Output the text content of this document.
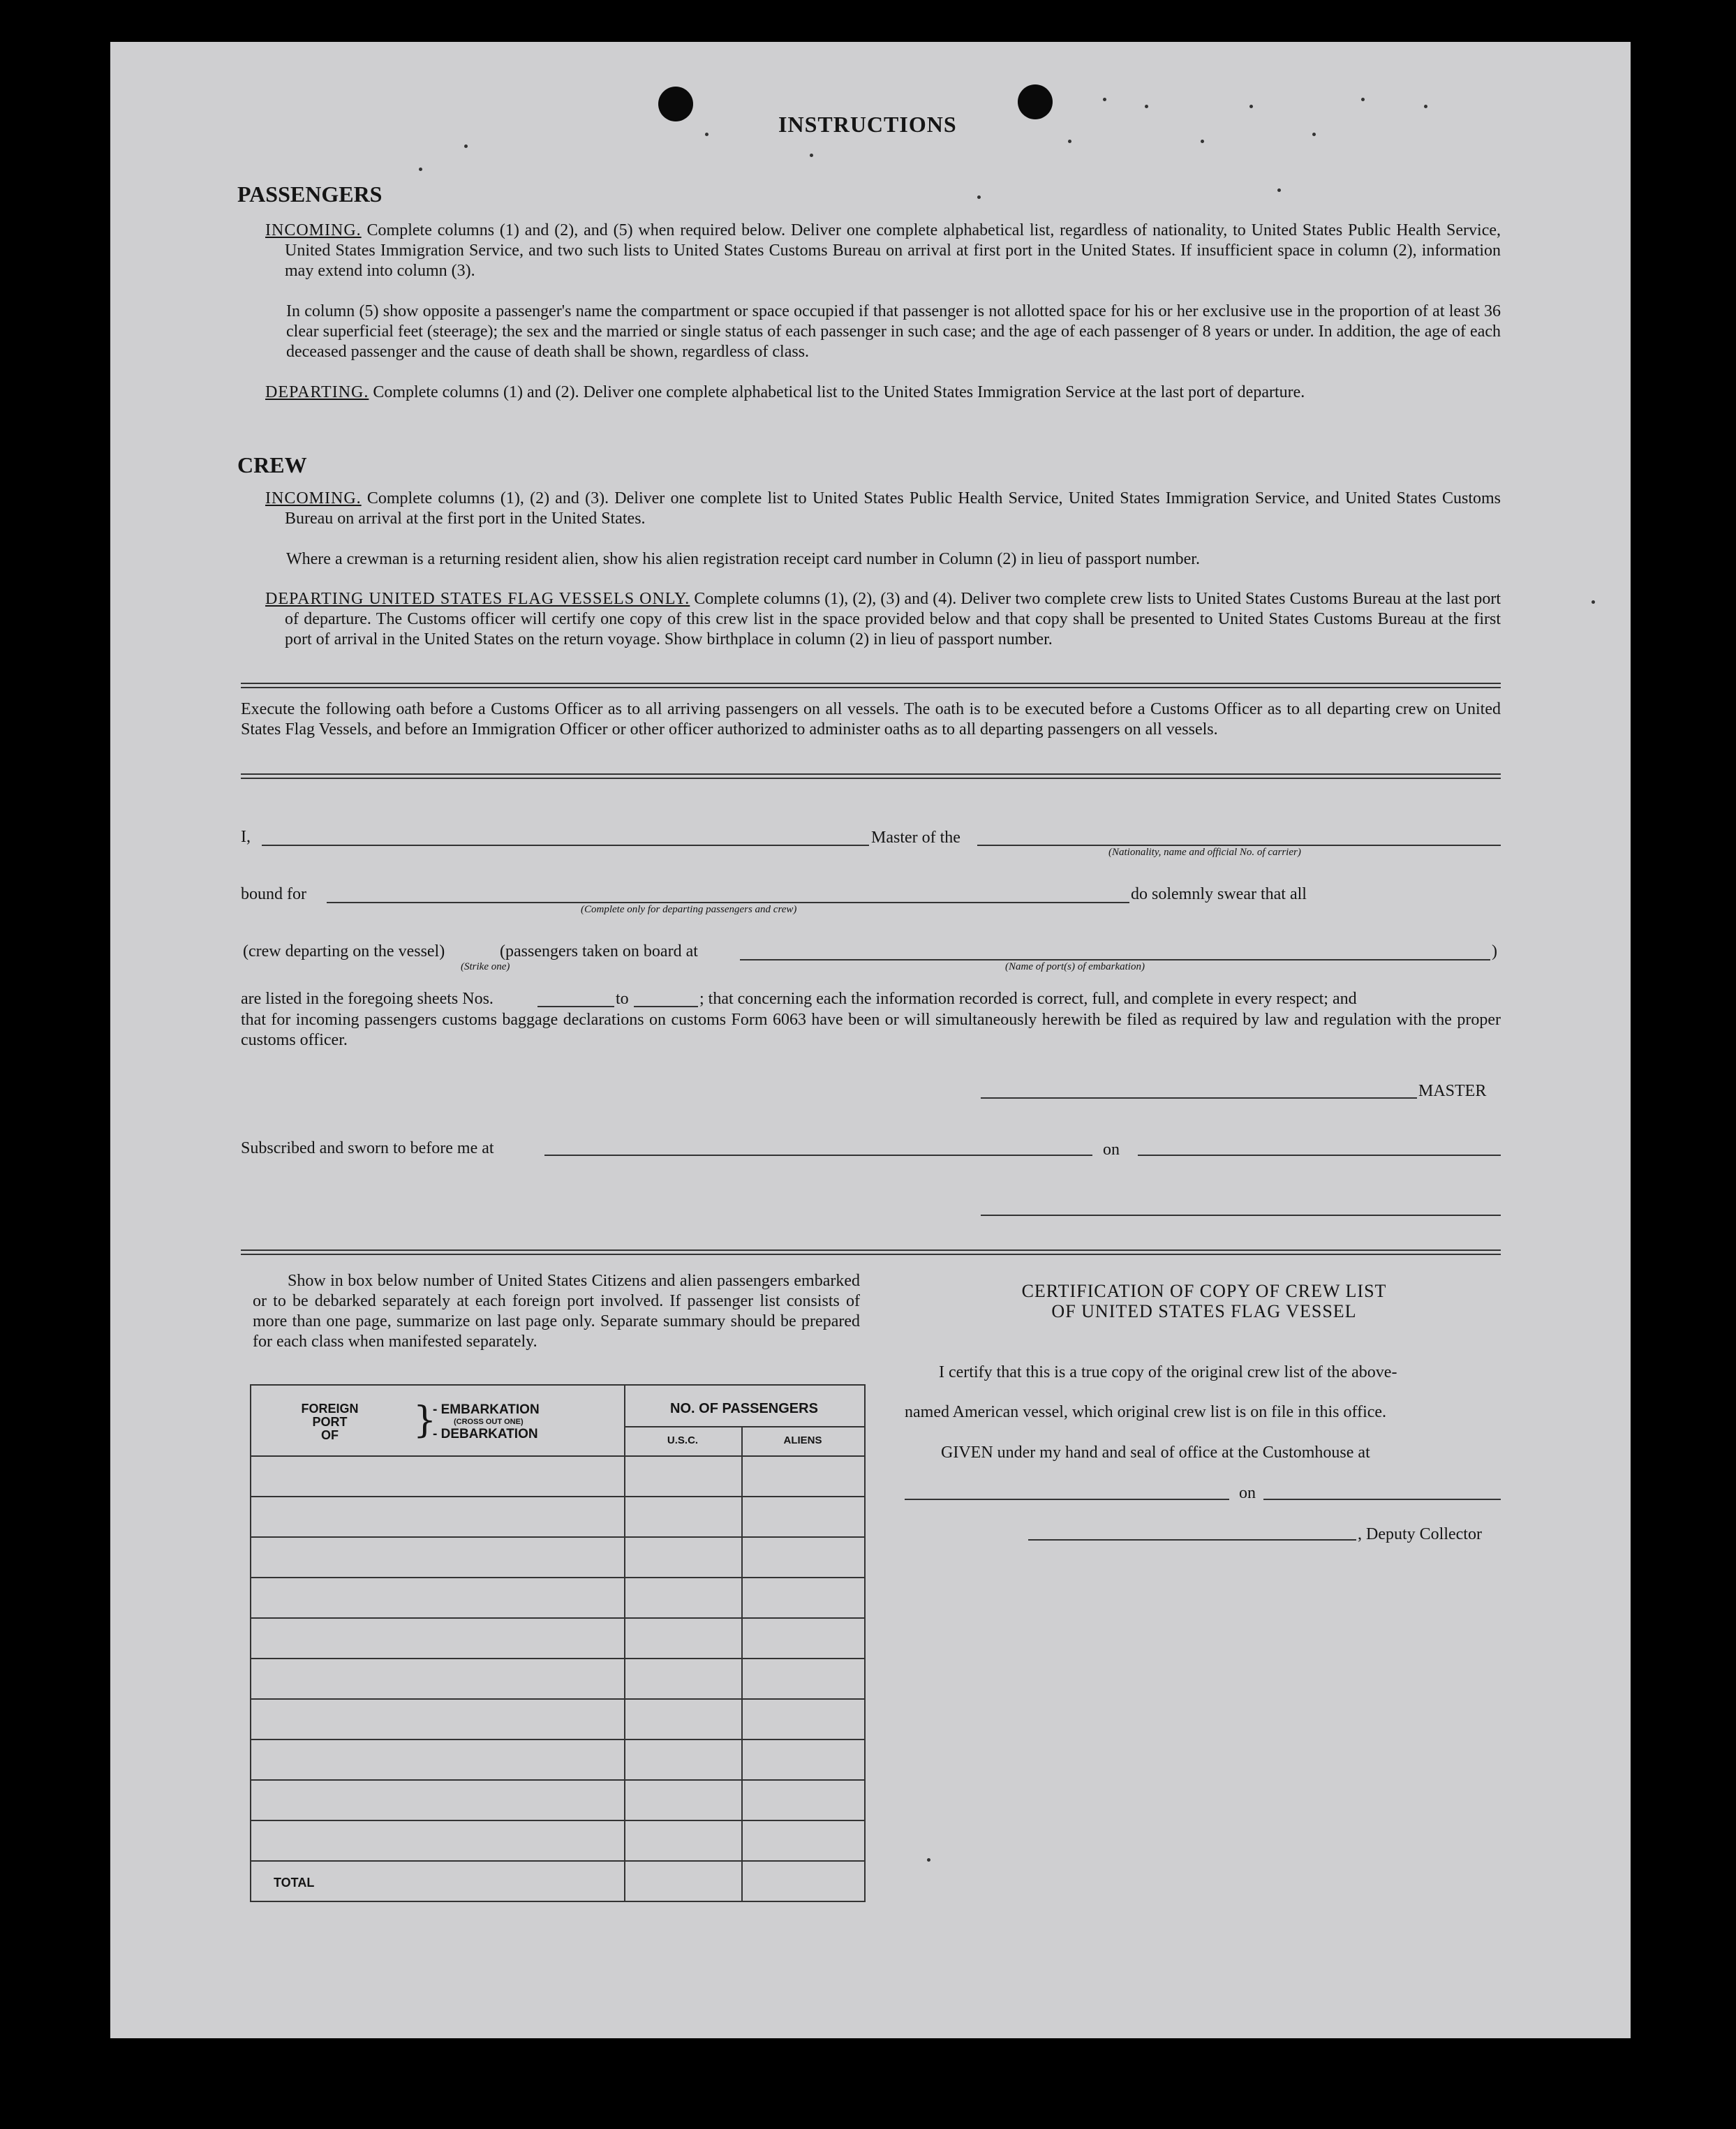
INSTRUCTIONS
PASSENGERS
INCOMING. Complete columns (1) and (2), and (5) when required below. Deliver one complete alphabetical list, regardless of nationality, to United States Public Health Service, United States Immigration Service, and two such lists to United States Customs Bureau on arrival at first port in the United States. If insufficient space in column (2), information may extend into column (3).
In column (5) show opposite a passenger's name the compartment or space occupied if that passenger is not allotted space for his or her exclusive use in the proportion of at least 36 clear superficial feet (steerage); the sex and the married or single status of each passenger in such case; and the age of each passenger of 8 years or under. In addition, the age of each deceased passenger and the cause of death shall be shown, regardless of class.
DEPARTING. Complete columns (1) and (2). Deliver one complete alphabetical list to the United States Immigration Service at the last port of departure.
CREW
INCOMING. Complete columns (1), (2) and (3). Deliver one complete list to United States Public Health Service, United States Immigration Service, and United States Customs Bureau on arrival at the first port in the United States.
Where a crewman is a returning resident alien, show his alien registration receipt card number in Column (2) in lieu of passport number.
DEPARTING UNITED STATES FLAG VESSELS ONLY. Complete columns (1), (2), (3) and (4). Deliver two complete crew lists to United States Customs Bureau at the last port of departure. The Customs officer will certify one copy of this crew list in the space provided below and that copy shall be presented to United States Customs Bureau at the first port of arrival in the United States on the return voyage. Show birthplace in column (2) in lieu of passport number.
Execute the following oath before a Customs Officer as to all arriving passengers on all vessels. The oath is to be executed before a Customs Officer as to all departing crew on United States Flag Vessels, and before an Immigration Officer or other officer authorized to administer oaths as to all departing passengers on all vessels.
I,	Master of the
(Nationality, name and official No. of carrier)
bound for
(Complete only for departing passengers and crew)
do solemnly swear that all
(crew departing on the vessel)	(passengers taken on board at	)
(Strike one)	(Name of port(s) of embarkation)
are listed in the foregoing sheets Nos.	to	; that concerning each the information recorded is correct, full, and complete in every respect; and
that for incoming passengers customs baggage declarations on customs Form 6063 have been or will simultaneously herewith be filed as required by law and regulation with the proper customs officer.
MASTER
Subscribed and sworn to before me at	on
Show in box below number of United States Citizens and alien passengers embarked or to be debarked separately at each foreign port involved. If passenger list consists of more than one page, summarize on last page only. Separate summary should be prepared for each class when manifested separately.
FOREIGN
PORT
OF	}
- EMBARKATION
(CROSS OUT ONE)
- DEBARKATION
NO. OF PASSENGERS
U.S.C.	ALIENS
TOTAL
CERTIFICATION OF COPY OF CREW LIST
OF UNITED STATES FLAG VESSEL
I certify that this is a true copy of the original crew list of the above-
named American vessel, which original crew list is on file in this office.
GIVEN under my hand and seal of office at the Customhouse at
on
, Deputy Collector
